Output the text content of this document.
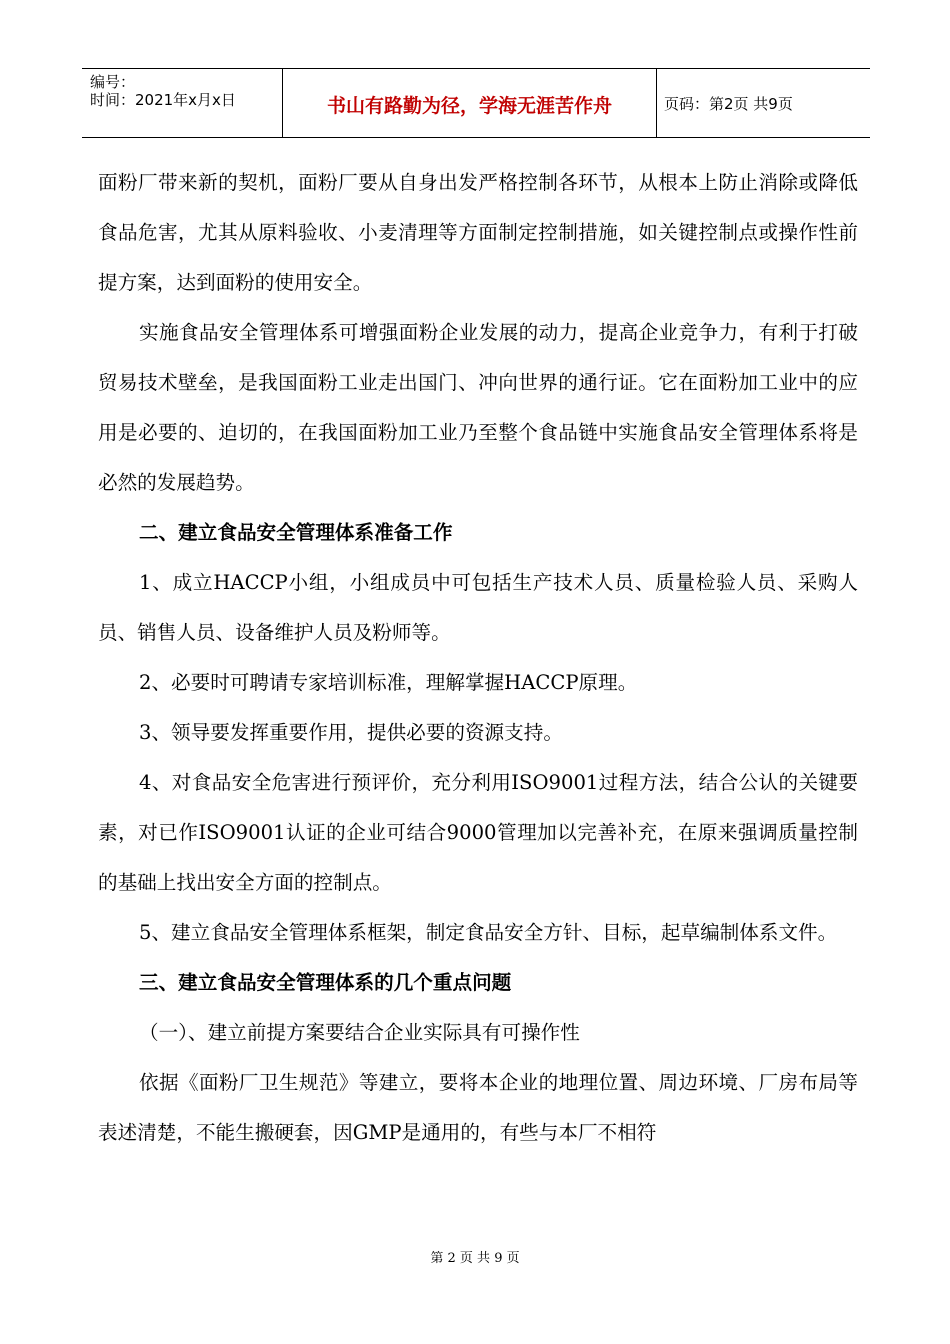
编号：
时间：2021年x月x日	书山有路勤为径，学海无涯苦作舟	页码：第2页 共9页

面粉厂带来新的契机，面粉厂要从自身出发严格控制各环节，从根本上防止消除或降低食品危害，尤其从原料验收、小麦清理等方面制定控制措施，如关键控制点或操作性前提方案，达到面粉的使用安全。

实施食品安全管理体系可增强面粉企业发展的动力，提高企业竞争力，有利于打破贸易技术壁垒，是我国面粉工业走出国门、冲向世界的通行证。它在面粉加工业中的应用是必要的、迫切的，在我国面粉加工业乃至整个食品链中实施食品安全管理体系将是必然的发展趋势。

二、建立食品安全管理体系准备工作

1、成立HACCP小组，小组成员中可包括生产技术人员、质量检验人员、采购人员、销售人员、设备维护人员及粉师等。

2、必要时可聘请专家培训标准，理解掌握HACCP原理。

3、领导要发挥重要作用，提供必要的资源支持。

4、对食品安全危害进行预评价，充分利用ISO9001过程方法，结合公认的关键要素，对已作ISO9001认证的企业可结合9000管理加以完善补充，在原来强调质量控制的基础上找出安全方面的控制点。

5、建立食品安全管理体系框架，制定食品安全方针、目标，起草编制体系文件。

三、建立食品安全管理体系的几个重点问题

（一）、建立前提方案要结合企业实际具有可操作性

依据《面粉厂卫生规范》等建立，要将本企业的地理位置、周边环境、厂房布局等表述清楚，不能生搬硬套，因GMP是通用的，有些与本厂不相符

第 2 页 共 9 页
